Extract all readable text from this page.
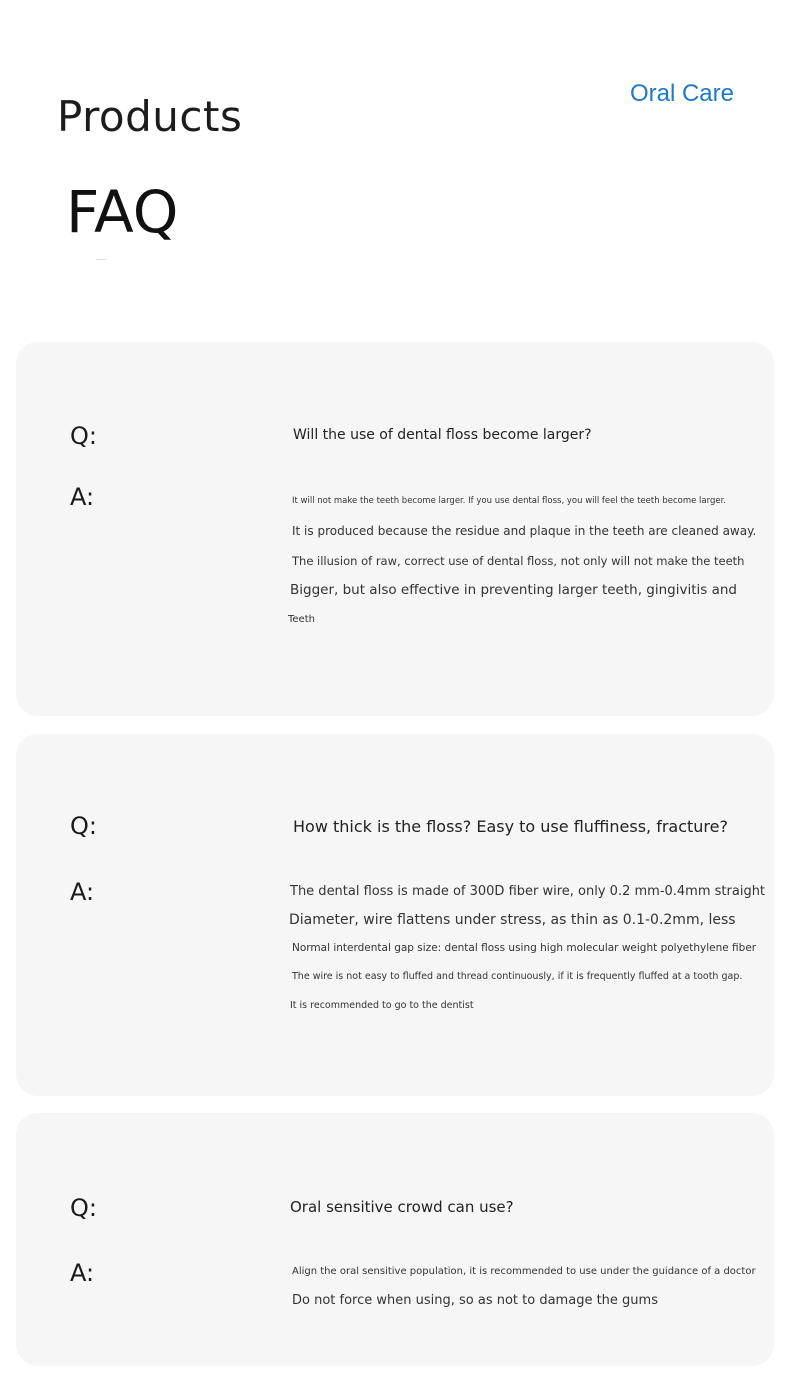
Products	Oral Care
FAQ
Q:	Will the use of dental floss become larger?
A:	It will not make the teeth become larger. If you use dental floss, you will feel the teeth become larger.
It is produced because the residue and plaque in the teeth are cleaned away.
The illusion of raw, correct use of dental floss, not only will not make the teeth
Bigger, but also effective in preventing larger teeth, gingivitis and
Teeth
Q:	How thick is the floss? Easy to use fluffiness, fracture?
A:	The dental floss is made of 300D fiber wire, only 0.2 mm-0.4mm straight
Diameter, wire flattens under stress, as thin as 0.1-0.2mm, less
Normal interdental gap size: dental floss using high molecular weight polyethylene fiber
The wire is not easy to fluffed and thread continuously, if it is frequently fluffed at a tooth gap.
It is recommended to go to the dentist
Q:	Oral sensitive crowd can use?
A:	Align the oral sensitive population, it is recommended to use under the guidance of a doctor
Do not force when using, so as not to damage the gums
